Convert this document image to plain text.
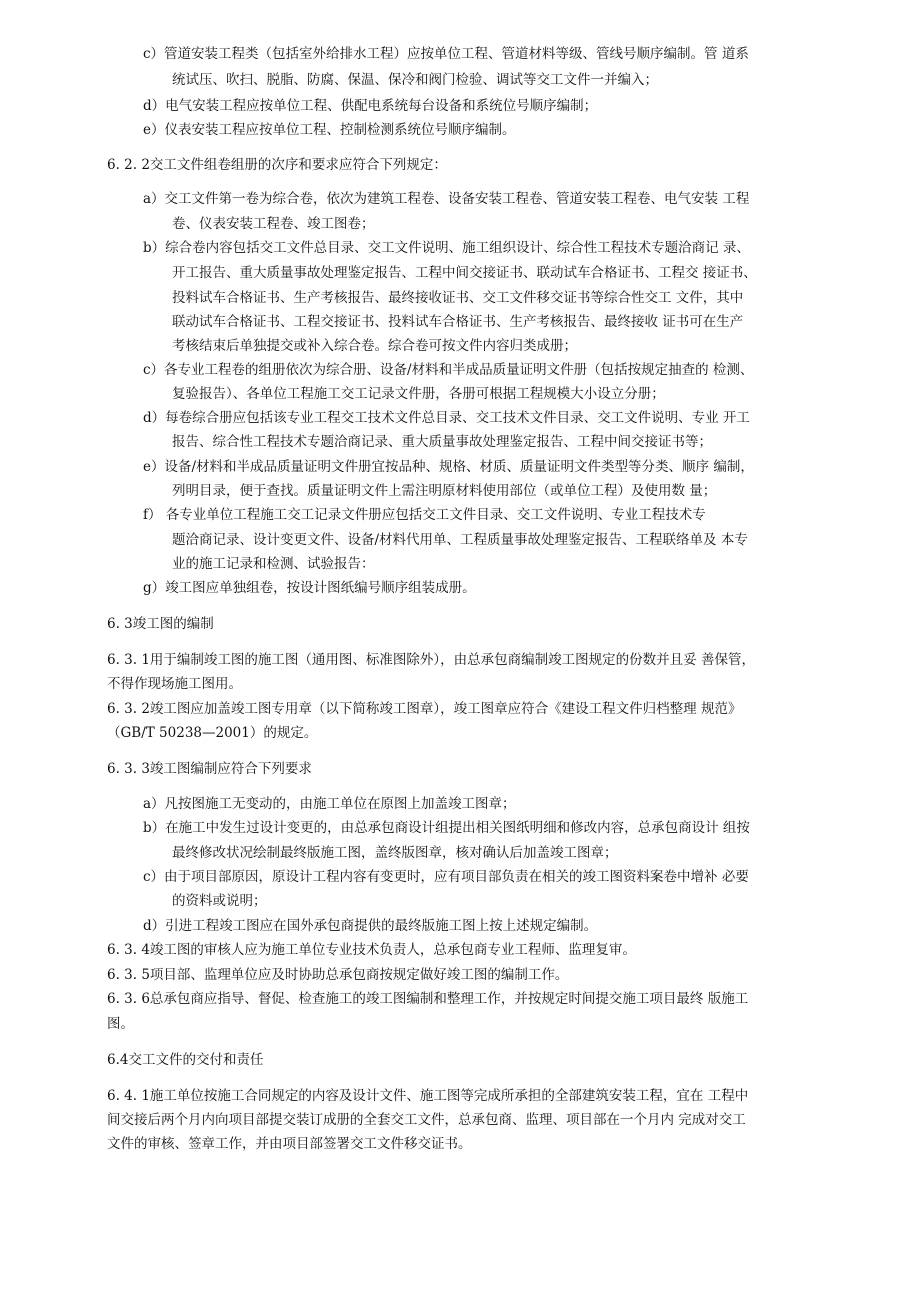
c）管道安装工程类（包括室外给排水工程）应按单位工程、管道材料等级、管线号顺序编制。管 道系
统试压、吹扫、脱脂、防腐、保温、保冷和阀门检验、调试等交工文件一并编入；
d）电气安装工程应按单位工程、供配电系统每台设备和系统位号顺序编制；
e）仪表安装工程应按单位工程、控制检测系统位号顺序编制。
6. 2. 2交工文件组卷组册的次序和要求应符合下列规定：
a）交工文件第一卷为综合卷，依次为建筑工程卷、设备安装工程卷、管道安装工程卷、电气安装 工程
卷、仪表安装工程卷、竣工图卷；
b）综合卷内容包括交工文件总目录、交工文件说明、施工组织设计、综合性工程技术专题洽商记 录、
开工报告、重大质量事故处理鉴定报告、工程中间交接证书、联动试车合格证书、工程交 接证书、
投料试车合格证书、生产考核报告、最终接收证书、交工文件移交证书等综合性交工 文件，其中
联动试车合格证书、工程交接证书、投料试车合格证书、生产考核报告、最终接收 证书可在生产
考核结束后单独提交或补入综合卷。综合卷可按文件内容归类成册；
c）各专业工程卷的组册依次为综合册、设备/材料和半成品质量证明文件册（包括按规定抽查的 检测、
复验报告）、各单位工程施工交工记录文件册，各册可根据工程规模大小设立分册；
d）每卷综合册应包括该专业工程交工技术文件总目录、交工技术文件目录、交工文件说明、专业 开工
报告、综合性工程技术专题洽商记录、重大质量事故处理鉴定报告、工程中间交接证书等；
e）设备/材料和半成品质量证明文件册宜按品种、规格、材质、质量证明文件类型等分类、顺序 编制，
列明目录，便于查找。质量证明文件上需注明原材料使用部位（或单位工程）及使用数 量；
f） 各专业单位工程施工交工记录文件册应包括交工文件目录、交工文件说明、专业工程技术专
题洽商记录、设计变更文件、设备/材料代用单、工程质量事故处理鉴定报告、工程联络单及 本专
业的施工记录和检测、试验报告：
g）竣工图应单独组卷，按设计图纸编号顺序组装成册。
6. 3竣工图的编制
6. 3. 1用于编制竣工图的施工图（通用图、标准图除外），由总承包商编制竣工图规定的份数并且妥 善保管，
不得作现场施工图用。
6. 3. 2竣工图应加盖竣工图专用章（以下简称竣工图章），竣工图章应符合《建设工程文件归档整理 规范》
（GB/T 50238—2001）的规定。
6. 3. 3竣工图编制应符合下列要求
a）凡按图施工无变动的，由施工单位在原图上加盖竣工图章；
b）在施工中发生过设计变更的，由总承包商设计组提出相关图纸明细和修改内容，总承包商设计 组按
最终修改状况绘制最终版施工图，盖终版图章，核对确认后加盖竣工图章；
c）由于项目部原因，原设计工程内容有变更时，应有项目部负责在相关的竣工图资料案卷中增补 必要
的资料或说明；
d）引进工程竣工图应在国外承包商提供的最终版施工图上按上述规定编制。
6. 3. 4竣工图的审核人应为施工单位专业技术负责人，总承包商专业工程师、监理复审。
6. 3. 5项目部、监理单位应及时协助总承包商按规定做好竣工图的编制工作。
6. 3. 6总承包商应指导、督促、检查施工的竣工图编制和整理工作，并按规定时间提交施工项目最终 版施工
图。
6.4交工文件的交付和责任
6. 4. 1施工单位按施工合同规定的内容及设计文件、施工图等完成所承担的全部建筑安装工程，宜在 工程中
间交接后两个月内向项目部提交装订成册的全套交工文件，总承包商、监理、项目部在一个月内 完成对交工
文件的审核、签章工作，并由项目部签署交工文件移交证书。
